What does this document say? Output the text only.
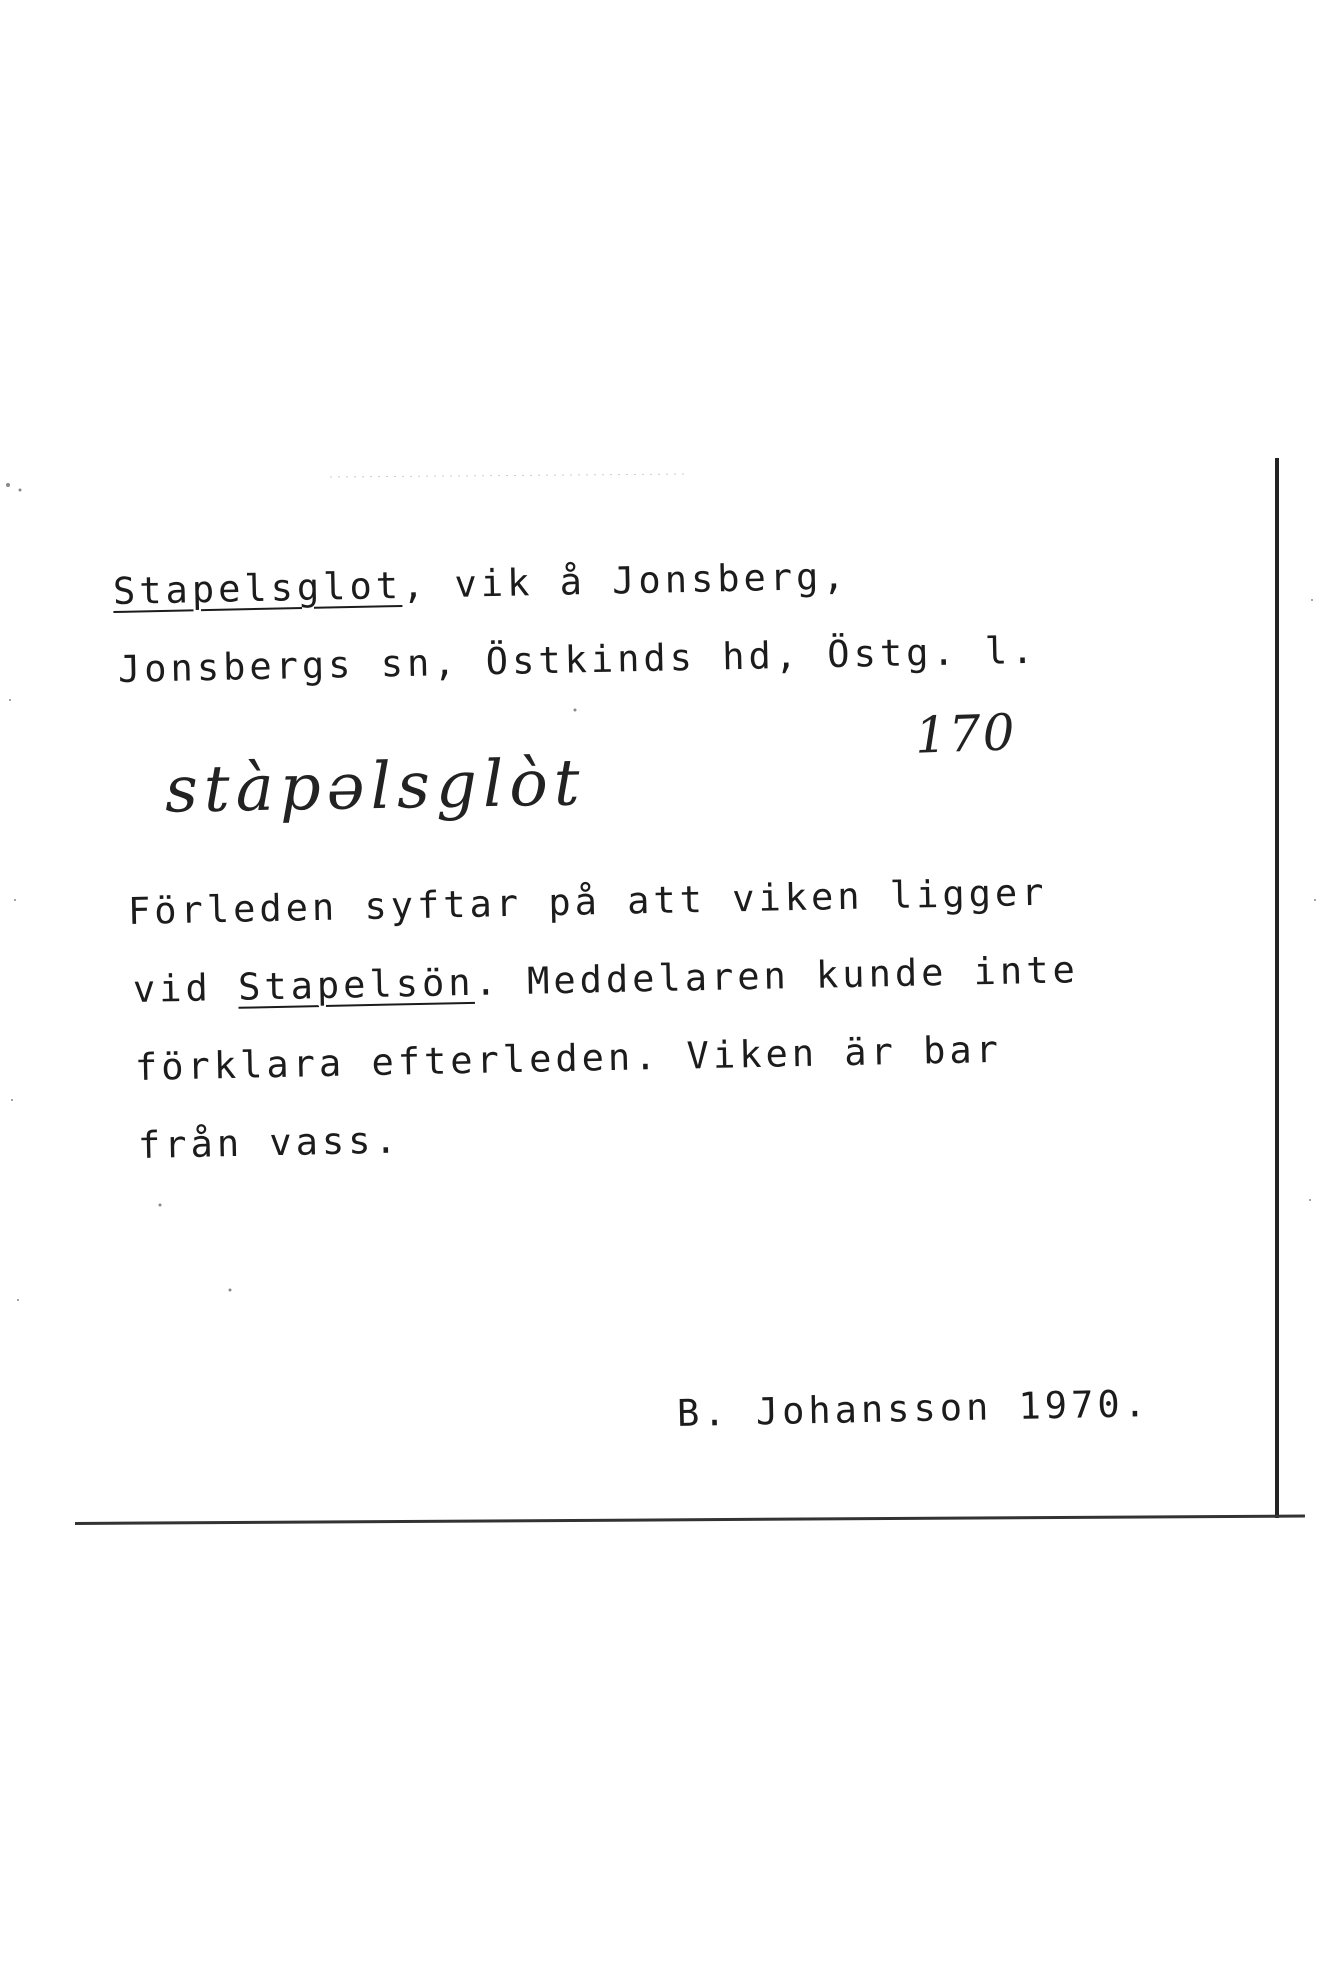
Stapelsglot, vik å Jonsberg,
Jonsbergs sn, Östkinds hd, Östg. l.
stàpəlsglòt
170
Förleden syftar på att viken ligger
vid Stapelsön. Meddelaren kunde inte
förklara efterleden. Viken är bar
från vass.
B. Johansson 1970.
